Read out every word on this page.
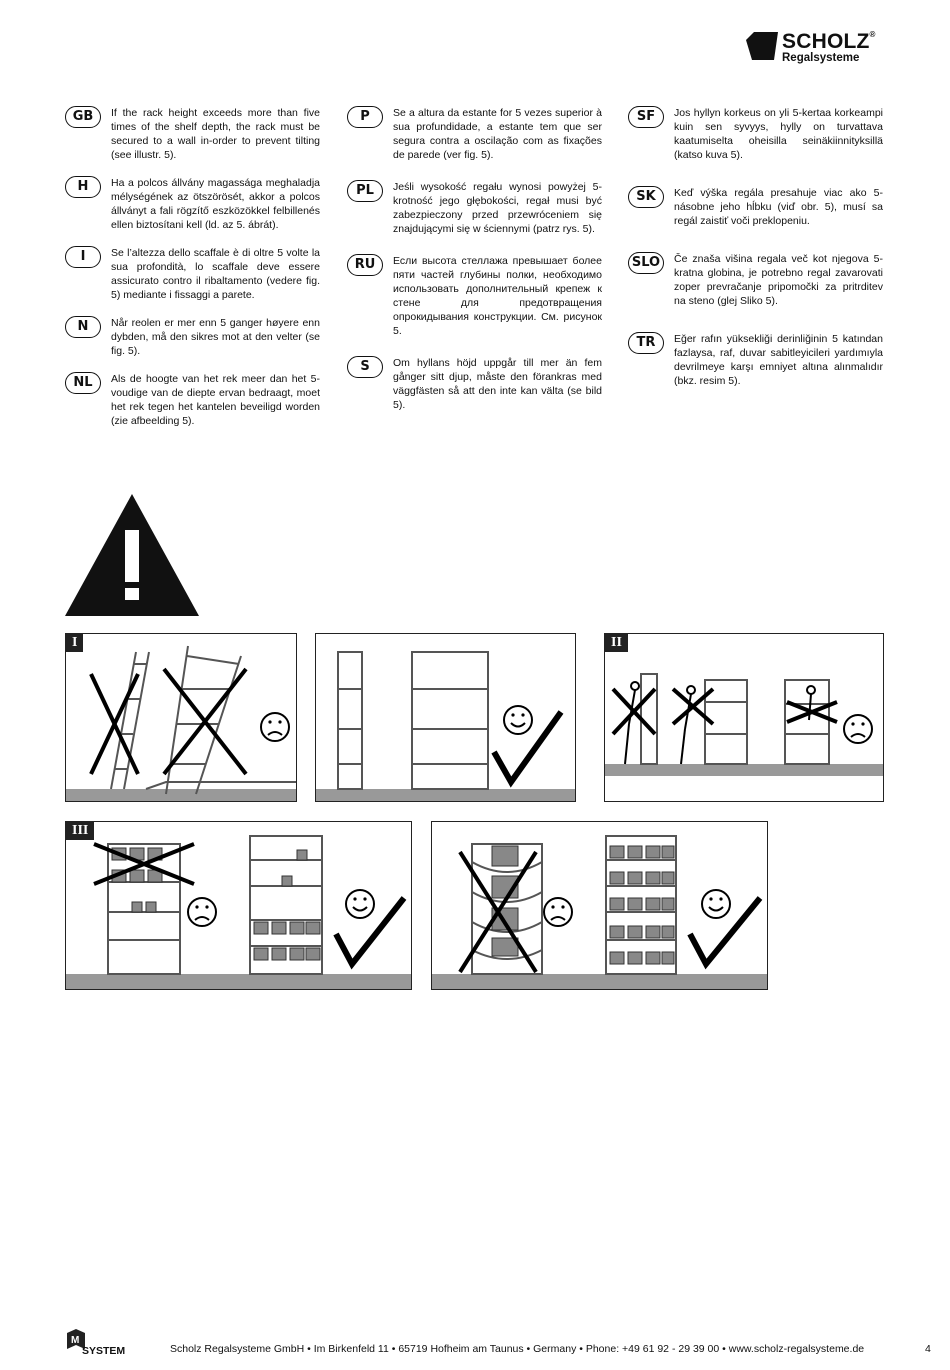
SCHOLZ®
Regalsysteme
GB	If the rack height exceeds more than five times of the shelf depth, the rack must be secured to a wall in-order to prevent tilting (see illustr. 5).
H	Ha a polcos állvány magassága meghaladja mélységének az ötszörösét, akkor a polcos állványt a fali rögzítő eszközökkel felbillenés ellen biztosítani kell (ld. az 5. ábrát).
I	Se l’altezza dello scaffale è di oltre 5 volte la sua profondità, lo scaffale deve essere assicurato contro il ribaltamento (vedere fig. 5) mediante i fissaggi a parete.
N	Når reolen er mer enn 5 ganger høyere enn dybden, må den sikres mot at den velter (se fig. 5).
NL	Als de hoogte van het rek meer dan het 5-voudige van de diepte ervan bedraagt, moet het rek tegen het kantelen beveiligd worden (zie afbeelding 5).
P	Se a altura da estante for 5 vezes superior à sua profundidade, a estante tem que ser segura contra a oscilação com as fixações de parede (ver fig. 5).
PL	Jeśli wysokość regału wynosi powyżej 5-krotność jego głębokości, regał musi być zabezpieczony przed przewróceniem się znajdującymi się w ściennymi (patrz rys. 5).
RU	Если высота стеллажа превышает более пяти частей глубины полки, необходимо использовать дополнительный крепеж к стене для предотвращения опрокидывания конструкции. См. рисунок 5.
S	Om hyllans höjd uppgår till mer än fem gånger sitt djup, måste den förankras med väggfästen så att den inte kan välta (se bild 5).
SF	Jos hyllyn korkeus on yli 5-kertaa korkeampi kuin sen syvyys, hylly on turvattava kaatumiselta oheisilla seinäkiinnityksillä (katso kuva 5).
SK	Keď výška regála presahuje viac ako 5-násobne jeho hĺbku (viď obr. 5), musí sa regál zaistiť voči preklopeniu.
SLO	Če znaša višina regala več kot njegova 5-kratna globina, je potrebno regal zavarovati zoper prevračanje pripomočki za pritrditev na steno (glej Sliko 5).
TR	Eğer rafın yüksekliği derinliğinin 5 katından fazlaysa, raf, duvar sabitleyicileri yardımıyla devrilmeye karşı emniyet altına alınmalıdır (bkz. resim 5).
I	II
III
M
SYSTEM	Scholz Regalsysteme GmbH • Im Birkenfeld 11 • 65719 Hofheim am Taunus • Germany • Phone: +49 61 92 - 29 39 00 • www.scholz-regalsysteme.de	4
